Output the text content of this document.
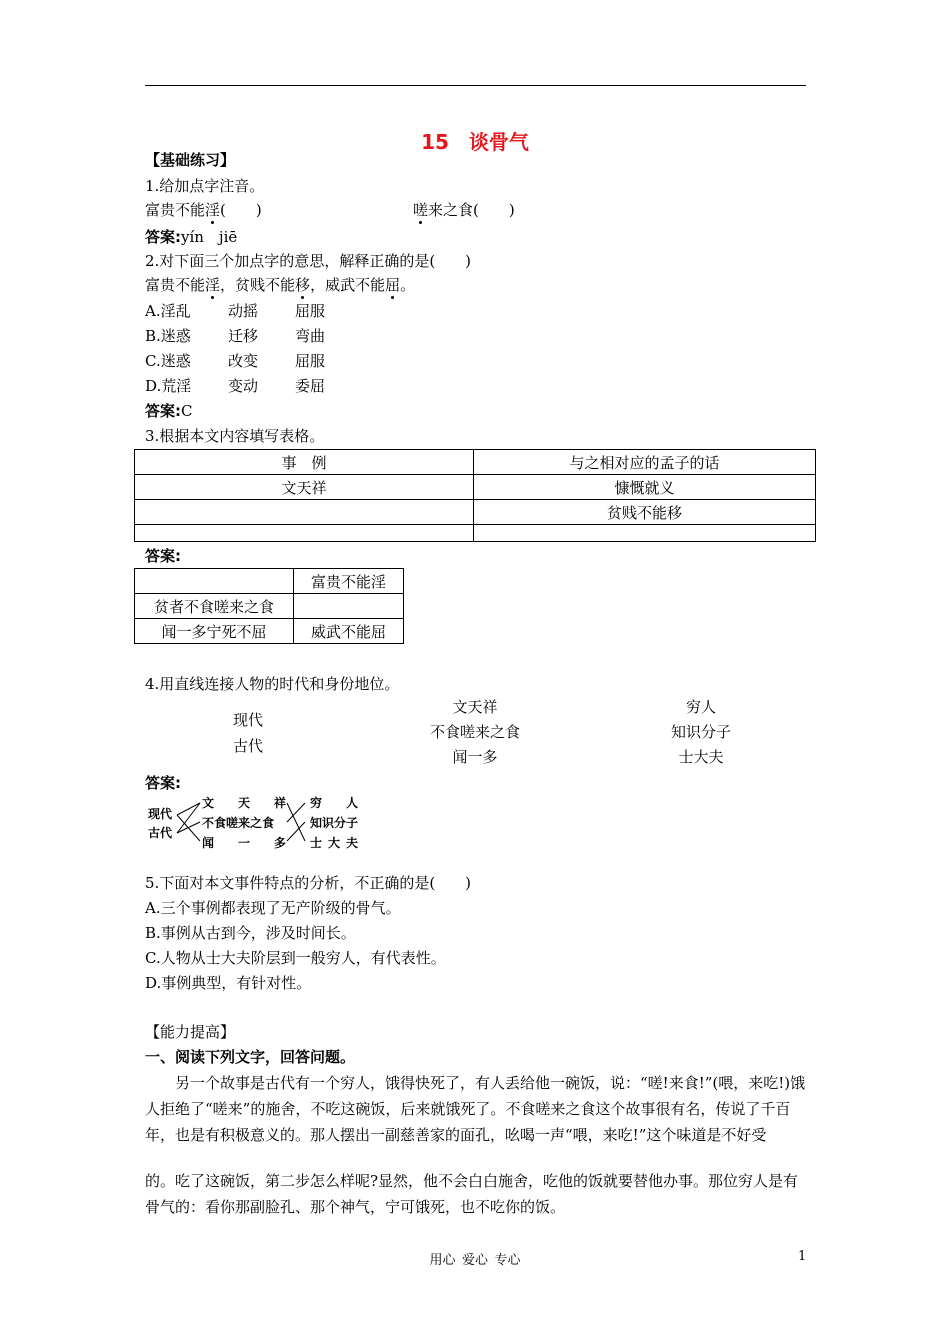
15　谈骨气
【基础练习】
1.给加点字注音。
富贵不能淫(　　)	嗟来之食(　　)
答案:yín　jiē
2.对下面三个加点字的意思，解释正确的是(　　)
富贵不能淫，贫贱不能移，威武不能屈。
A.淫乱 动摇 屈服
B.迷惑 迁移 弯曲
C.迷惑 改变 屈服
D.荒淫 变动 委屈
答案:C
3.根据本文内容填写表格。
事　例	与之相对应的孟子的话
文天祥	慷慨就义
	贫贱不能移

答案:
	富贵不能淫
贫者不食嗟来之食	
闻一多宁死不屈	威武不能屈
4.用直线连接人物的时代和身份地位。
现代
古代
文天祥
不食嗟来之食
闻一多
穷人
知识分子
士大夫
答案:
现代
古代
文　　天　　祥
不食嗟来之食
闻　　一　　多
穷　　人
知识分子
士 大 夫
5.下面对本文事件特点的分析，不正确的是(　　)
A.三个事例都表现了无产阶级的骨气。
B.事例从古到今，涉及时间长。
C.人物从士大夫阶层到一般穷人，有代表性。
D.事例典型，有针对性。
【能力提高】
一、阅读下列文字，回答问题。
另一个故事是古代有一个穷人，饿得快死了，有人丢给他一碗饭，说：“嗟!来食!”(喂，来吃!)饿人拒绝了“嗟来”的施舍，不吃这碗饭，后来就饿死了。不食嗟来之食这个故事很有名，传说了千百年，也是有积极意义的。那人摆出一副慈善家的面孔，吆喝一声“喂，来吃!”这个味道是不好受
的。吃了这碗饭，第二步怎么样呢?显然，他不会白白施舍，吃他的饭就要替他办事。那位穷人是有骨气的：看你那副脸孔、那个神气，宁可饿死，也不吃你的饭。
用心 爱心 专心	1
